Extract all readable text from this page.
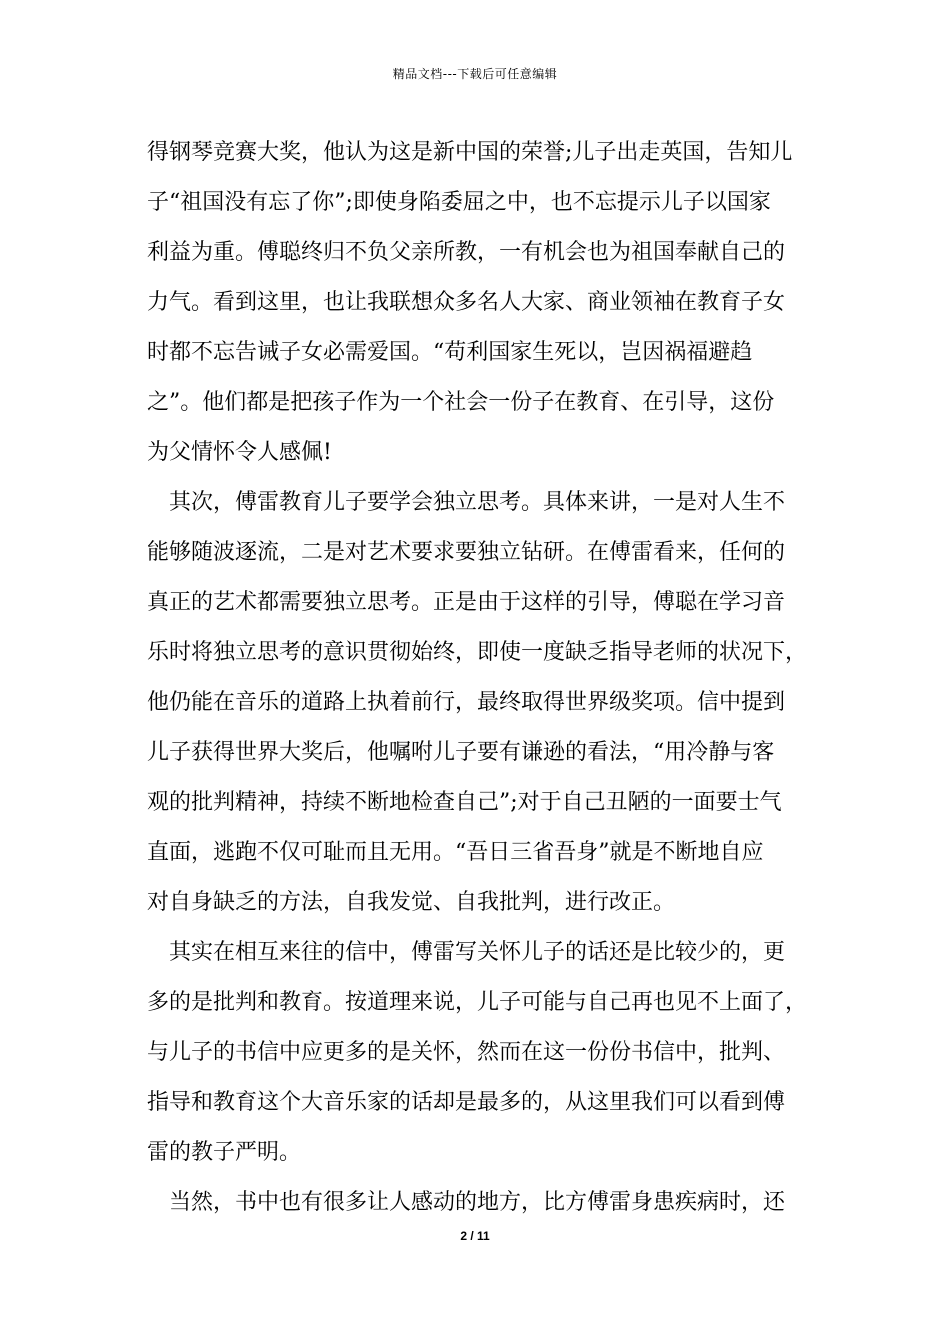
精品文档---下载后可任意编辑
得钢琴竞赛大奖，他认为这是新中国的荣誉;儿子出走英国，告知儿
子“祖国没有忘了你”;即使身陷委屈之中，也不忘提示儿子以国家
利益为重。傅聪终归不负父亲所教，一有机会也为祖国奉献自己的
力气。看到这里，也让我联想众多名人大家、商业领袖在教育子女
时都不忘告诫子女必需爱国。“苟利国家生死以，岂因祸福避趋
之”。他们都是把孩子作为一个社会一份子在教育、在引导，这份
为父情怀令人感佩!
其次，傅雷教育儿子要学会独立思考。具体来讲，一是对人生不
能够随波逐流，二是对艺术要求要独立钻研。在傅雷看来，任何的
真正的艺术都需要独立思考。正是由于这样的引导，傅聪在学习音
乐时将独立思考的意识贯彻始终，即使一度缺乏指导老师的状况下，
他仍能在音乐的道路上执着前行，最终取得世界级奖项。信中提到
儿子获得世界大奖后，他嘱咐儿子要有谦逊的看法，“用冷静与客
观的批判精神，持续不断地检查自己”;对于自己丑陋的一面要士气
直面，逃跑不仅可耻而且无用。“吾日三省吾身”就是不断地自应
对自身缺乏的方法，自我发觉、自我批判，进行改正。
其实在相互来往的信中，傅雷写关怀儿子的话还是比较少的，更
多的是批判和教育。按道理来说，儿子可能与自己再也见不上面了，
与儿子的书信中应更多的是关怀，然而在这一份份书信中，批判、
指导和教育这个大音乐家的话却是最多的，从这里我们可以看到傅
雷的教子严明。
当然，书中也有很多让人感动的地方，比方傅雷身患疾病时，还
2 / 11
